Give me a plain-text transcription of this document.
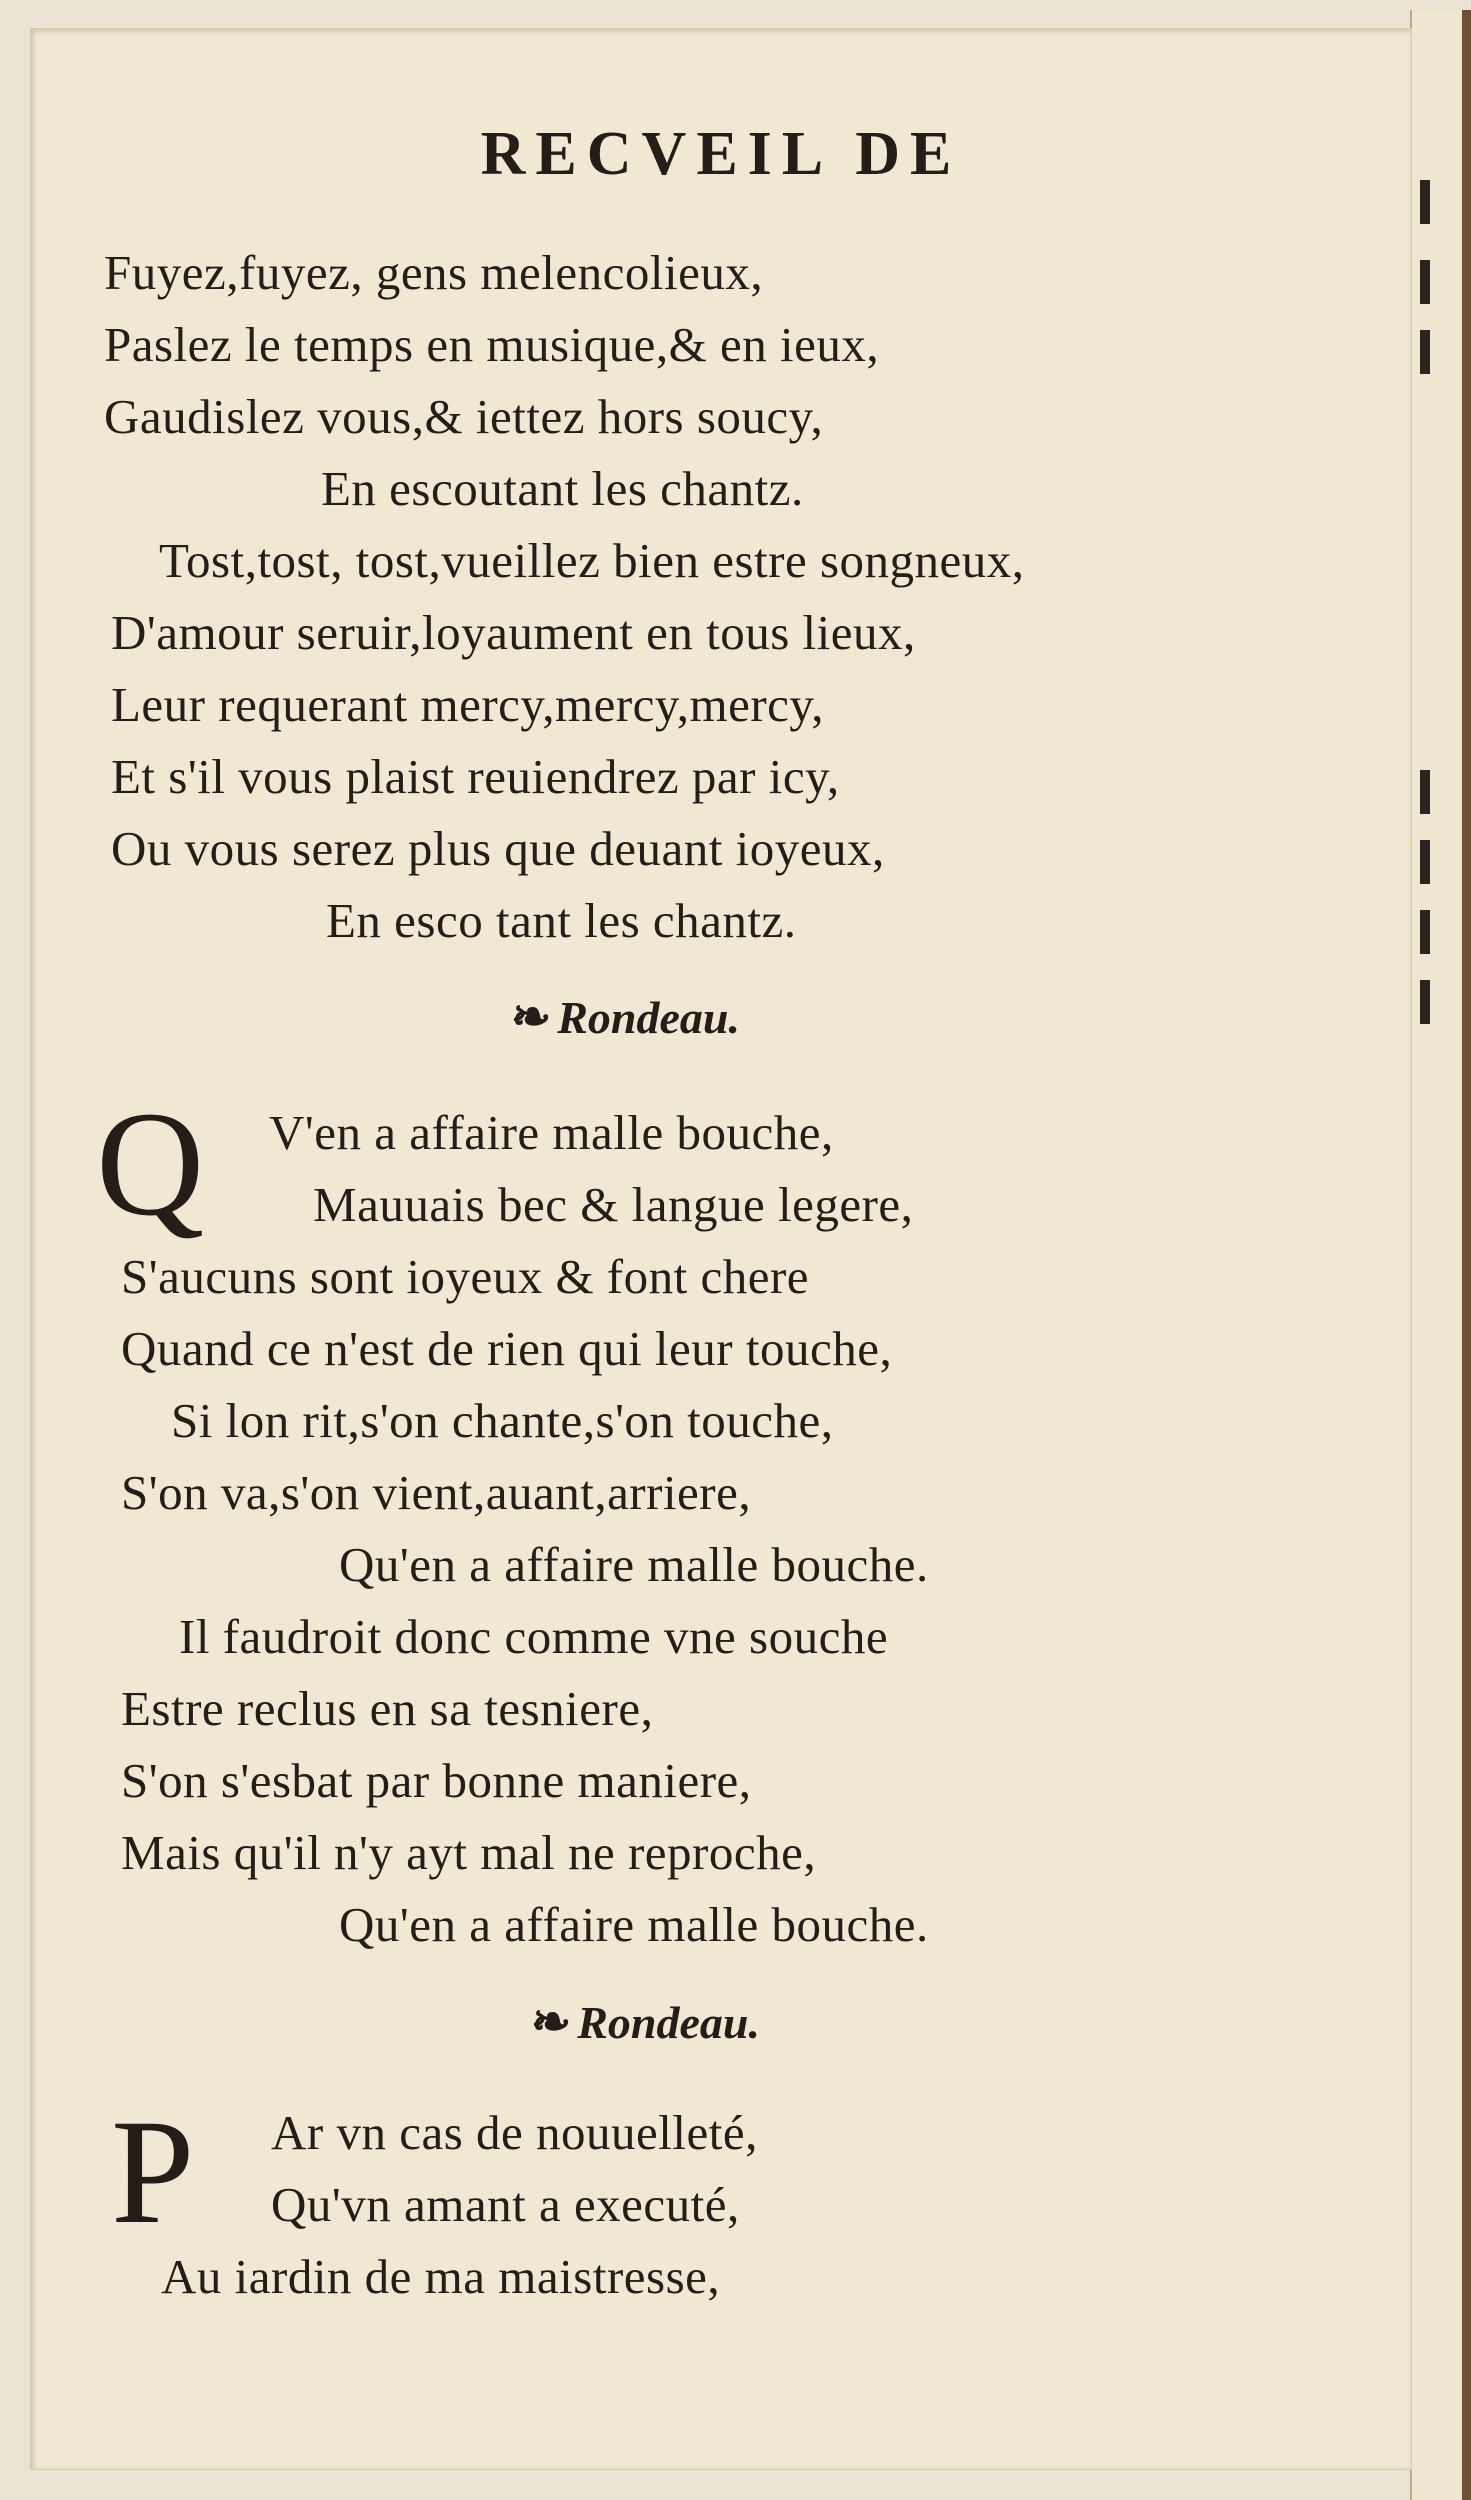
RECVEIL DE
Fuyez,fuyez, gens melencolieux,
Paslez le temps en musique,& en ieux,
Gaudislez vous,& iettez hors soucy,
En escoutant les chantz.
Tost,tost, tost,vueillez bien estre songneux,
D'amour seruir,loyaument en tous lieux,
Leur requerant mercy,mercy,mercy,
Et s'il vous plaist reuiendrez par icy,
Ou vous serez plus que deuant ioyeux,
En esco tant les chantz.
❧ Rondeau.
Q V'en a affaire malle bouche,
Mauuais bec & langue legere,
S'aucuns sont ioyeux & font chere
Quand ce n'est de rien qui leur touche,
Si lon rit,s'on chante,s'on touche,
S'on va,s'on vient,auant,arriere,
Qu'en a affaire malle bouche.
Il faudroit donc comme vne souche
Estre reclus en sa tesniere,
S'on s'esbat par bonne maniere,
Mais qu'il n'y ayt mal ne reproche,
Qu'en a affaire malle bouche.
❧ Rondeau.
P Ar vn cas de nouuelleté,
Qu'vn amant a executé,
Au iardin de ma maistresse,
